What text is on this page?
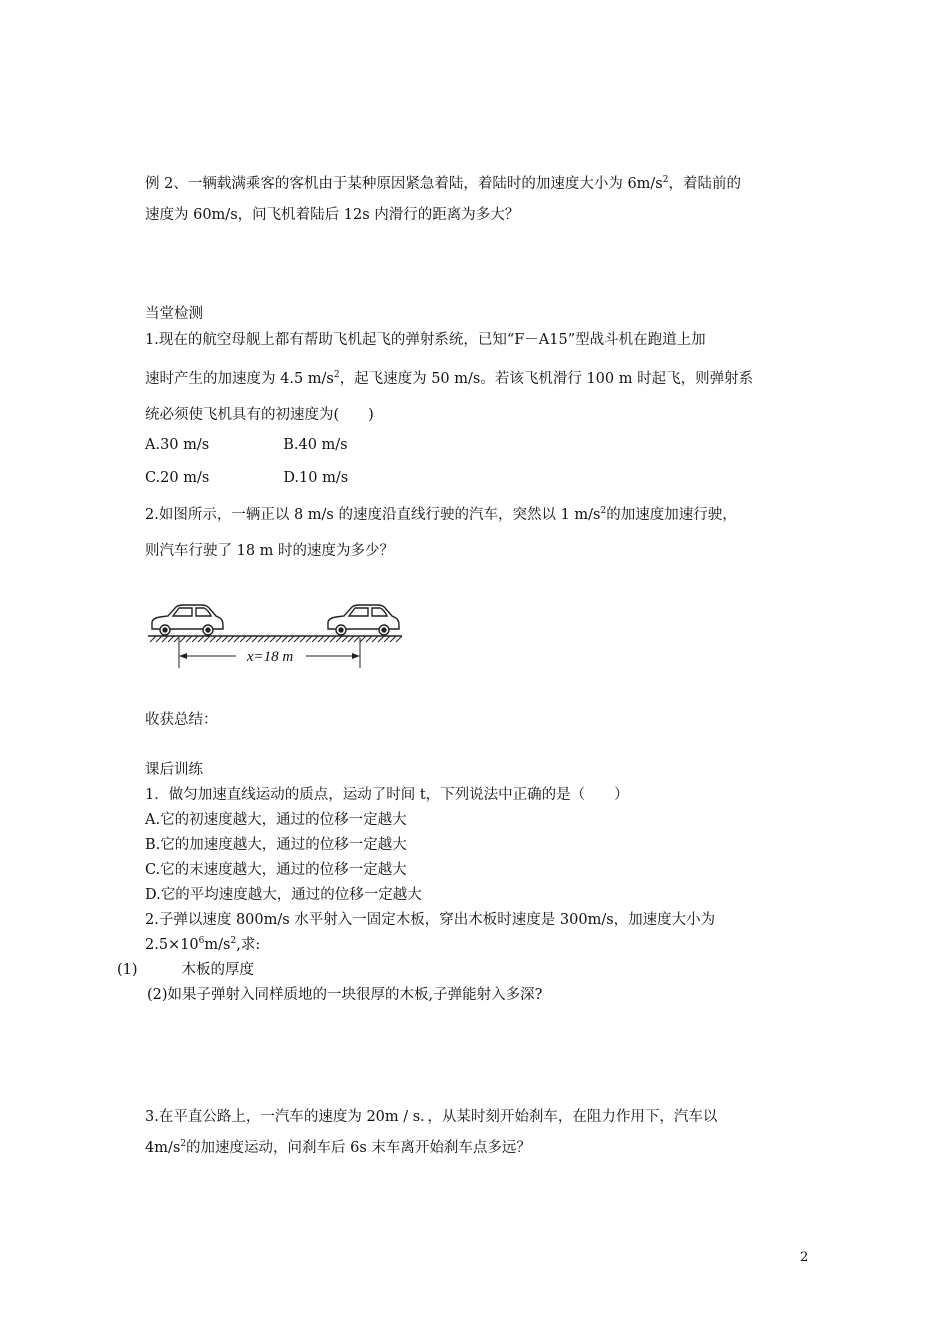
例 2、一辆载满乘客的客机由于某种原因紧急着陆，着陆时的加速度大小为 $6m/s^2$，着陆前的

速度为 60m/s，问飞机着陆后 12s 内滑行的距离为多大？

当堂检测

1.现在的航空母舰上都有帮助飞机起飞的弹射系统，已知“F－A15”型战斗机在跑道上加

速时产生的加速度为 4.5 $m/s^2$，起飞速度为 50 m/s。若该飞机滑行 100 m 时起飞，则弹射系

统必须使飞机具有的初速度为(　　)

A.30 m/s	B.40 m/s

C.20 m/s	D.10 m/s

2.如图所示，一辆正以 8 m/s 的速度沿直线行驶的汽车，突然以 1 $m/s^2$的加速度加速行驶，

则汽车行驶了 18 m 时的速度为多少？

x=18 m

收获总结：

课后训练

1．做匀加速直线运动的质点，运动了时间 t，下列说法中正确的是（　　）

A.它的初速度越大，通过的位移一定越大

B.它的加速度越大，通过的位移一定越大

C.它的末速度越大，通过的位移一定越大

D.它的平均速度越大，通过的位移一定越大

2.子弹以速度 800m/s 水平射入一固定木板，穿出木板时速度是 300m/s，加速度大小为

$2.5\times 10^6m/s^2$,求:

(1)	木板的厚度

(2)如果子弹射入同样质地的一块很厚的木板,子弹能射入多深?

3.在平直公路上，一汽车的速度为 20m / s．，从某时刻开始刹车，在阻力作用下，汽车以

$4m/s^2$的加速度运动，问刹车后 6s 末车离开始刹车点多远？

2
